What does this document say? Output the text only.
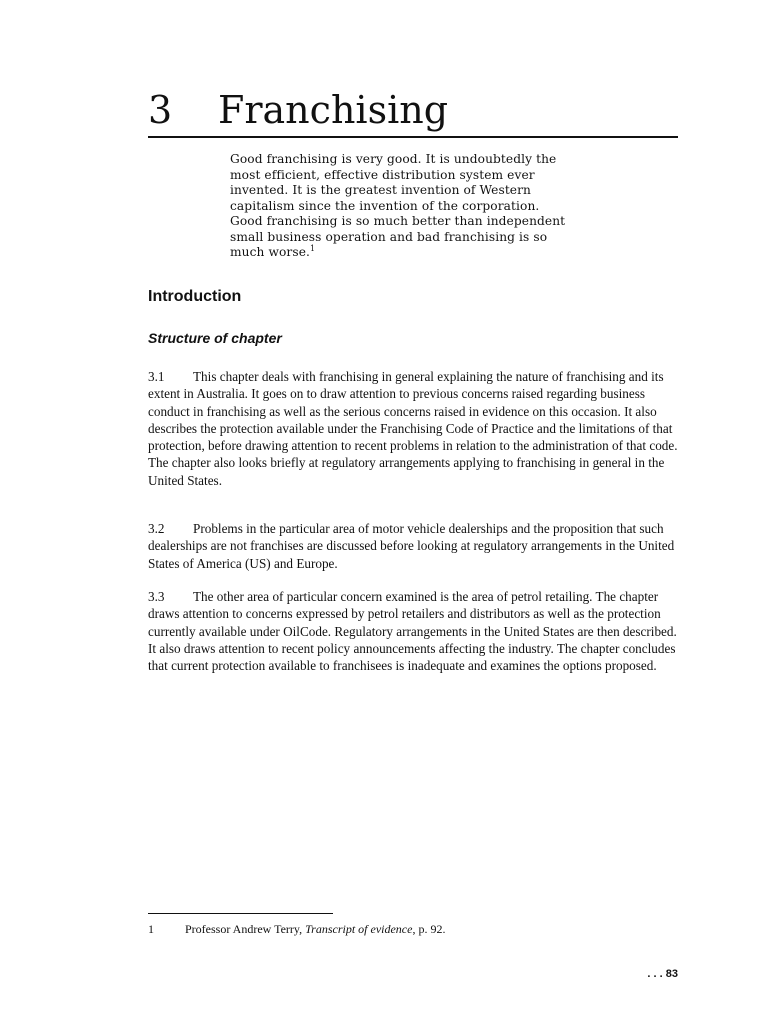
3 Franchising
Good franchising is very good. It is undoubtedly the
most efficient, effective distribution system ever
invented. It is the greatest invention of Western
capitalism since the invention of the corporation.
Good franchising is so much better than independent
small business operation and bad franchising is so
much worse.$^1$
Introduction
Structure of chapter

3.1 This chapter deals with franchising in general explaining the nature of franchising and its extent in Australia. It goes on to draw attention to previous concerns raised regarding business conduct in franchising as well as the serious concerns raised in evidence on this occasion. It also describes the protection available under the Franchising Code of Practice and the limitations of that protection, before drawing attention to recent problems in relation to the administration of that code. The chapter also looks briefly at regulatory arrangements applying to franchising in general in the United States.

3.2 Problems in the particular area of motor vehicle dealerships and the proposition that such dealerships are not franchises are discussed before looking at regulatory arrangements in the United States of America (US) and Europe.

3.3 The other area of particular concern examined is the area of petrol retailing. The chapter draws attention to concerns expressed by petrol retailers and distributors as well as the protection currently available under OilCode. Regulatory arrangements in the United States are then described. It also draws attention to recent policy announcements affecting the industry. The chapter concludes that current protection available to franchisees is inadequate and examines the options proposed.

1	Professor Andrew Terry, Transcript of evidence, p. 92.
. . . 83
